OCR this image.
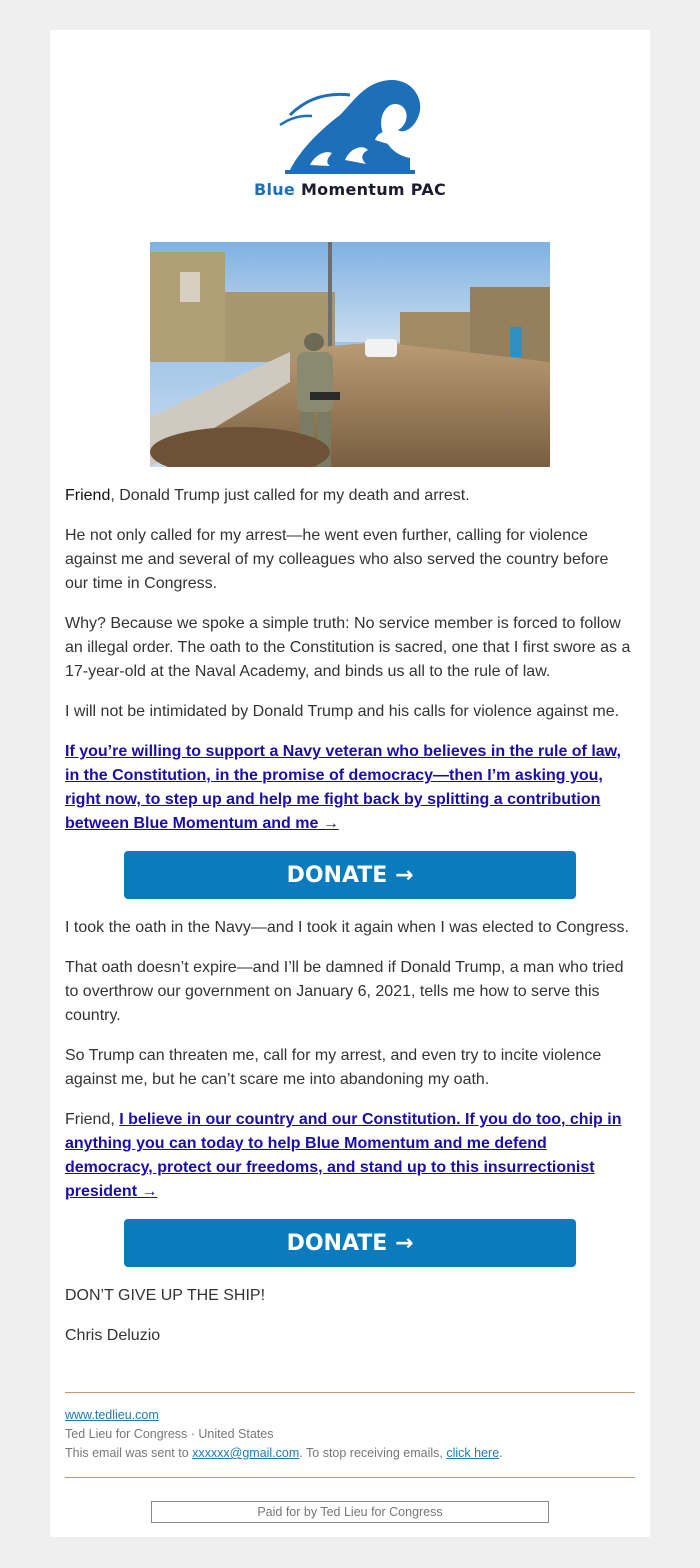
Blue Momentum PAC

Friend, Donald Trump just called for my death and arrest.

He not only called for my arrest—he went even further, calling for violence against me and several of my colleagues who also served the country before our time in Congress.

Why? Because we spoke a simple truth: No service member is forced to follow an illegal order. The oath to the Constitution is sacred, one that I first swore as a 17-year-old at the Naval Academy, and binds us all to the rule of law.

I will not be intimidated by Donald Trump and his calls for violence against me.

If you’re willing to support a Navy veteran who believes in the rule of law, in the Constitution, in the promise of democracy—then I’m asking you, right now, to step up and help me fight back by splitting a contribution between Blue Momentum and me →

DONATE →

I took the oath in the Navy—and I took it again when I was elected to Congress.

That oath doesn’t expire—and I’ll be damned if Donald Trump, a man who tried to overthrow our government on January 6, 2021, tells me how to serve this country.

So Trump can threaten me, call for my arrest, and even try to incite violence against me, but he can’t scare me into abandoning my oath.

Friend, I believe in our country and our Constitution. If you do too, chip in anything you can today to help Blue Momentum and me defend democracy, protect our freedoms, and stand up to this insurrectionist president →

DONATE →

DON’T GIVE UP THE SHIP!

Chris Deluzio

www.tedlieu.com
Ted Lieu for Congress · United States
This email was sent to xxxxxx@gmail.com. To stop receiving emails, click here.
Paid for by Ted Lieu for Congress
